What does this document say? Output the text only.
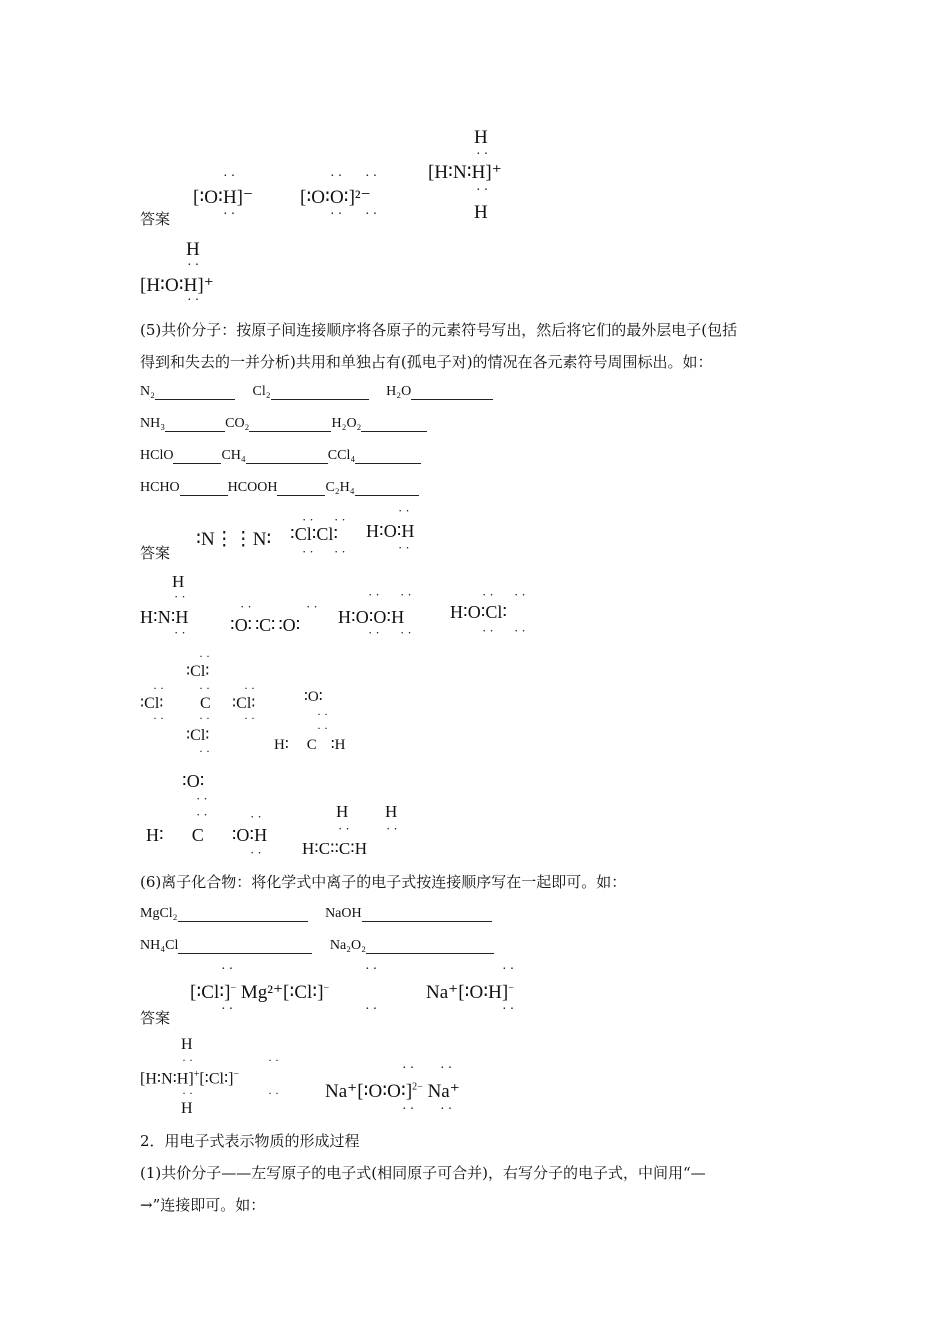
答案
··
[∶O∶H]⁻
··
·· ··
[∶O∶O∶]²⁻
·· ··
H
··
[H∶N∶H]⁺
··
H
H
··
[H∶O∶H]⁺
··
(5)共价分子：按原子间连接顺序将各原子的元素符号写出，然后将它们的最外层电子(包括
得到和失去的一并分析)共用和单独占有(孤电子对)的情况在各元素符号周围标出。如：
N₂	Cl₂	H₂O
NH₃	CO₂	H₂O₂
HClO	CH₄	CCl₄
HCHO	HCOOH	C₂H₄
答案
∶N⋮⋮N∶
·· ··
∶Cl∶Cl∶
·· ··
··
H∶O∶H
··
H
··
H∶N∶H
··
··	··
∶O∷C∷O∶
·· ··
H∶O∶O∶H
·· ··
·· ··
H∶O∶Cl∶
·· ··
··
∶Cl∶
··
··	··
∶Cl∶ C ∶Cl∶
··	··
··
∶Cl∶
··
∶O∶
··
··
H∶ C ∶H
∶O∶
··
··	··
H∶ C ∶O∶H
··
H H
··	··
H∶C∶∶C∶H
(6)离子化合物：将化学式中离子的电子式按连接顺序写在一起即可。如：
MgCl₂	NaOH
NH₄Cl	Na₂O₂
答案
··	··
[∶Cl∶]− Mg²⁺[∶Cl∶]−
··	··
··
Na⁺[∶O∶H]−
··
H
··	··
[H∶N∶H]+[∶Cl∶]−
··	··
H
·· ··
Na⁺[∶O∶O∶]$^{2-}$ Na⁺
·· ··
2．用电子式表示物质的形成过程
(1)共价分子——左写原子的电子式(相同原子可合并)，右写分子的电子式，中间用“—
→”连接即可。如：
